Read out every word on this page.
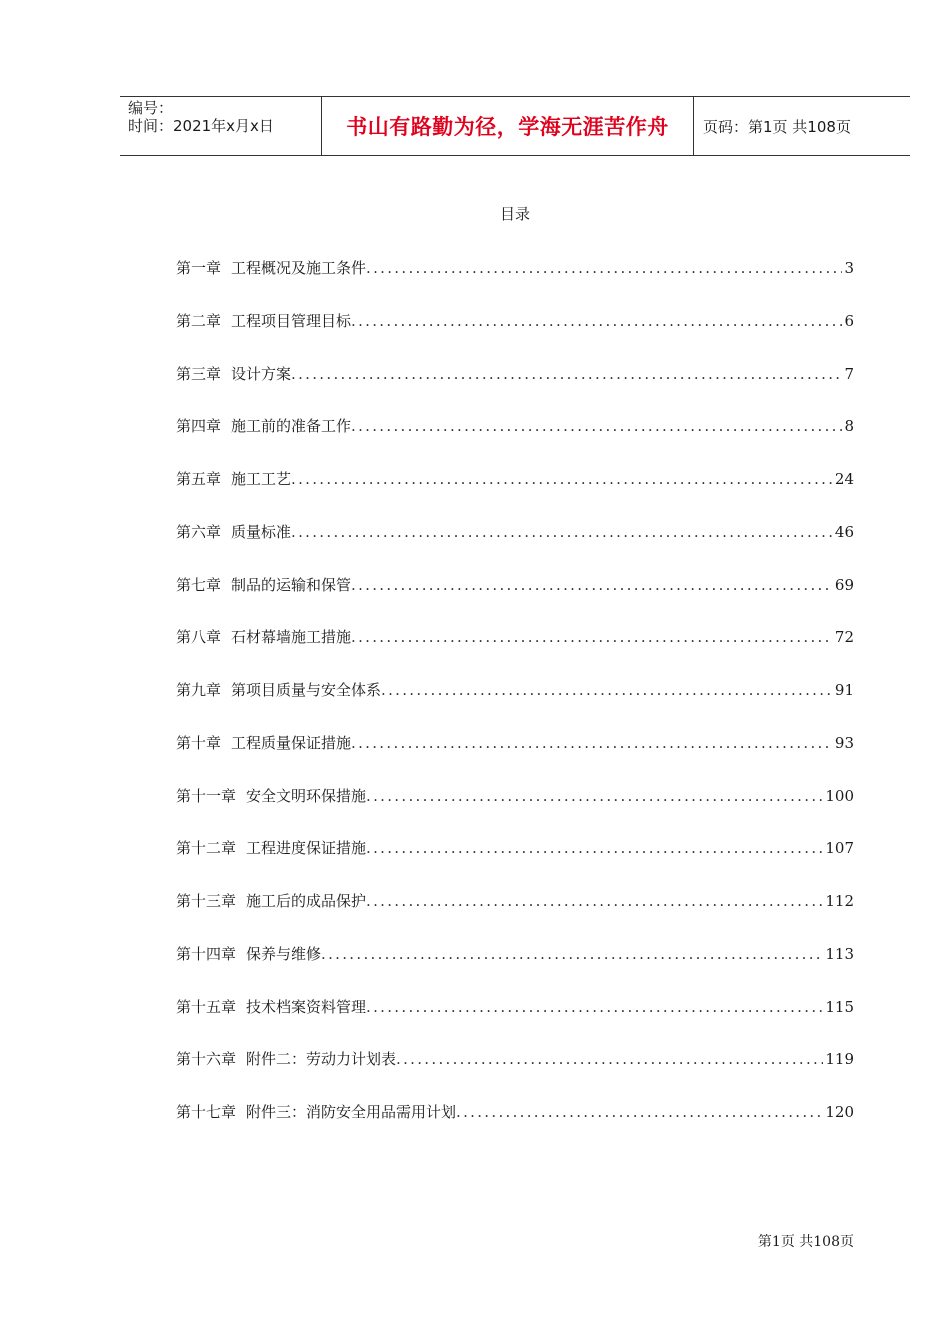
编号：
时间：2021年x月x日	书山有路勤为径，学海无涯苦作舟	页码：第1页 共108页
目录
第一章 工程概况及施工条件 .....	3
第二章 工程项目管理目标 .....	6
第三章 设计方案 .....	7
第四章 施工前的准备工作 .....	8
第五章 施工工艺 .....	24
第六章 质量标准 .....	46
第七章 制品的运输和保管 .....	69
第八章 石材幕墙施工措施 .....	72
第九章 第项目质量与安全体系 .....	91
第十章 工程质量保证措施 .....	93
第十一章 安全文明环保措施 .....	100
第十二章 工程进度保证措施 .....	107
第十三章 施工后的成品保护 .....	112
第十四章 保养与维修 .....	113
第十五章 技术档案资料管理 .....	115
第十六章 附件二：劳动力计划表 .....	119
第十七章 附件三：消防安全用品需用计划 .....	120
第1页 共108页
